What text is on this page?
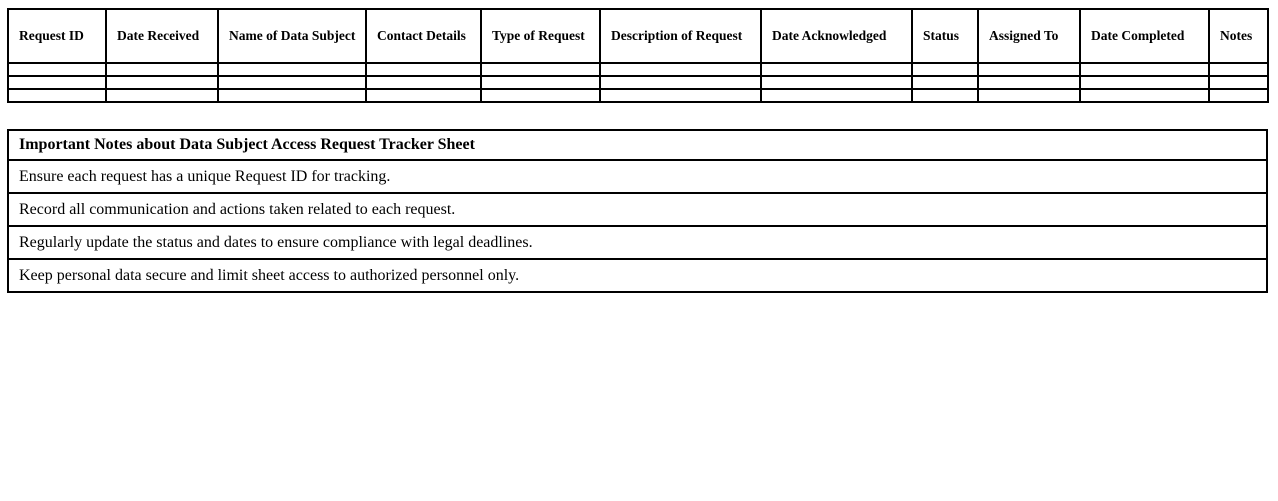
Request ID	Date Received	Name of Data Subject	Contact Details	Type of Request	Description of Request	Date Acknowledged	Status	Assigned To	Date Completed	Notes

Important Notes about Data Subject Access Request Tracker Sheet
Ensure each request has a unique Request ID for tracking.
Record all communication and actions taken related to each request.
Regularly update the status and dates to ensure compliance with legal deadlines.
Keep personal data secure and limit sheet access to authorized personnel only.
